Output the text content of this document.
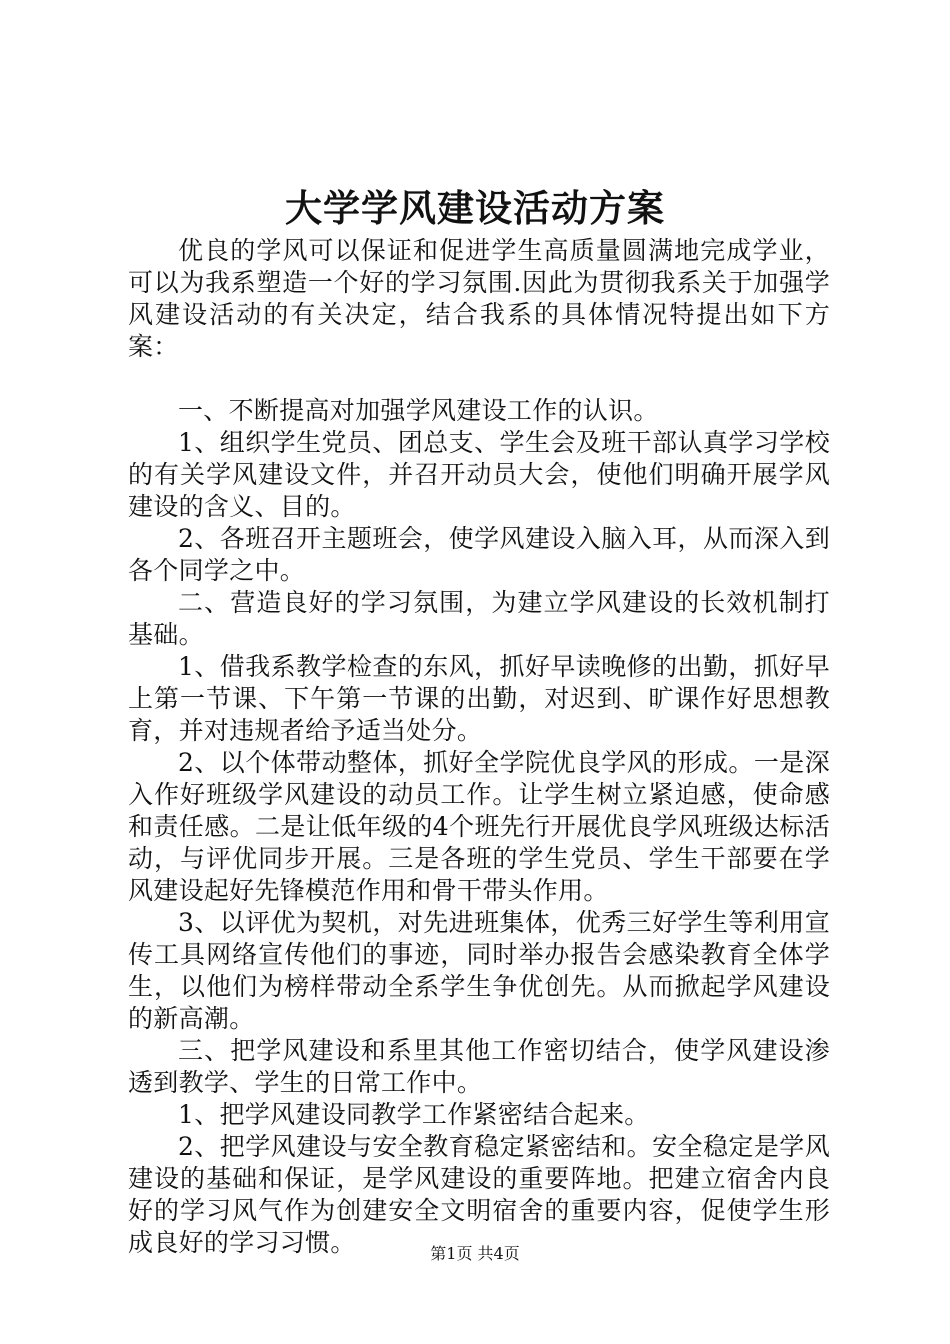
大学学风建设活动方案

优良的学风可以保证和促进学生高质量圆满地完成学业，可以为我系塑造一个好的学习氛围.因此为贯彻我系关于加强学风建设活动的有关决定，结合我系的具体情况特提出如下方案：

一、不断提高对加强学风建设工作的认识。

1、组织学生党员、团总支、学生会及班干部认真学习学校的有关学风建设文件，并召开动员大会，使他们明确开展学风建设的含义、目的。

2、各班召开主题班会，使学风建设入脑入耳，从而深入到各个同学之中。

二、营造良好的学习氛围，为建立学风建设的长效机制打基础。

1、借我系教学检查的东风，抓好早读晚修的出勤，抓好早上第一节课、下午第一节课的出勤，对迟到、旷课作好思想教育，并对违规者给予适当处分。

2、以个体带动整体，抓好全学院优良学风的形成。一是深入作好班级学风建设的动员工作。让学生树立紧迫感，使命感和责任感。二是让低年级的4个班先行开展优良学风班级达标活动，与评优同步开展。三是各班的学生党员、学生干部要在学风建设起好先锋模范作用和骨干带头作用。

3、以评优为契机，对先进班集体，优秀三好学生等利用宣传工具网络宣传他们的事迹，同时举办报告会感染教育全体学生，以他们为榜样带动全系学生争优创先。从而掀起学风建设的新高潮。

三、把学风建设和系里其他工作密切结合，使学风建设渗透到教学、学生的日常工作中。

1、把学风建设同教学工作紧密结合起来。

2、把学风建设与安全教育稳定紧密结和。安全稳定是学风建设的基础和保证，是学风建设的重要阵地。把建立宿舍内良好的学习风气作为创建安全文明宿舍的重要内容，促使学生形成良好的学习习惯。	第1页 共4页
